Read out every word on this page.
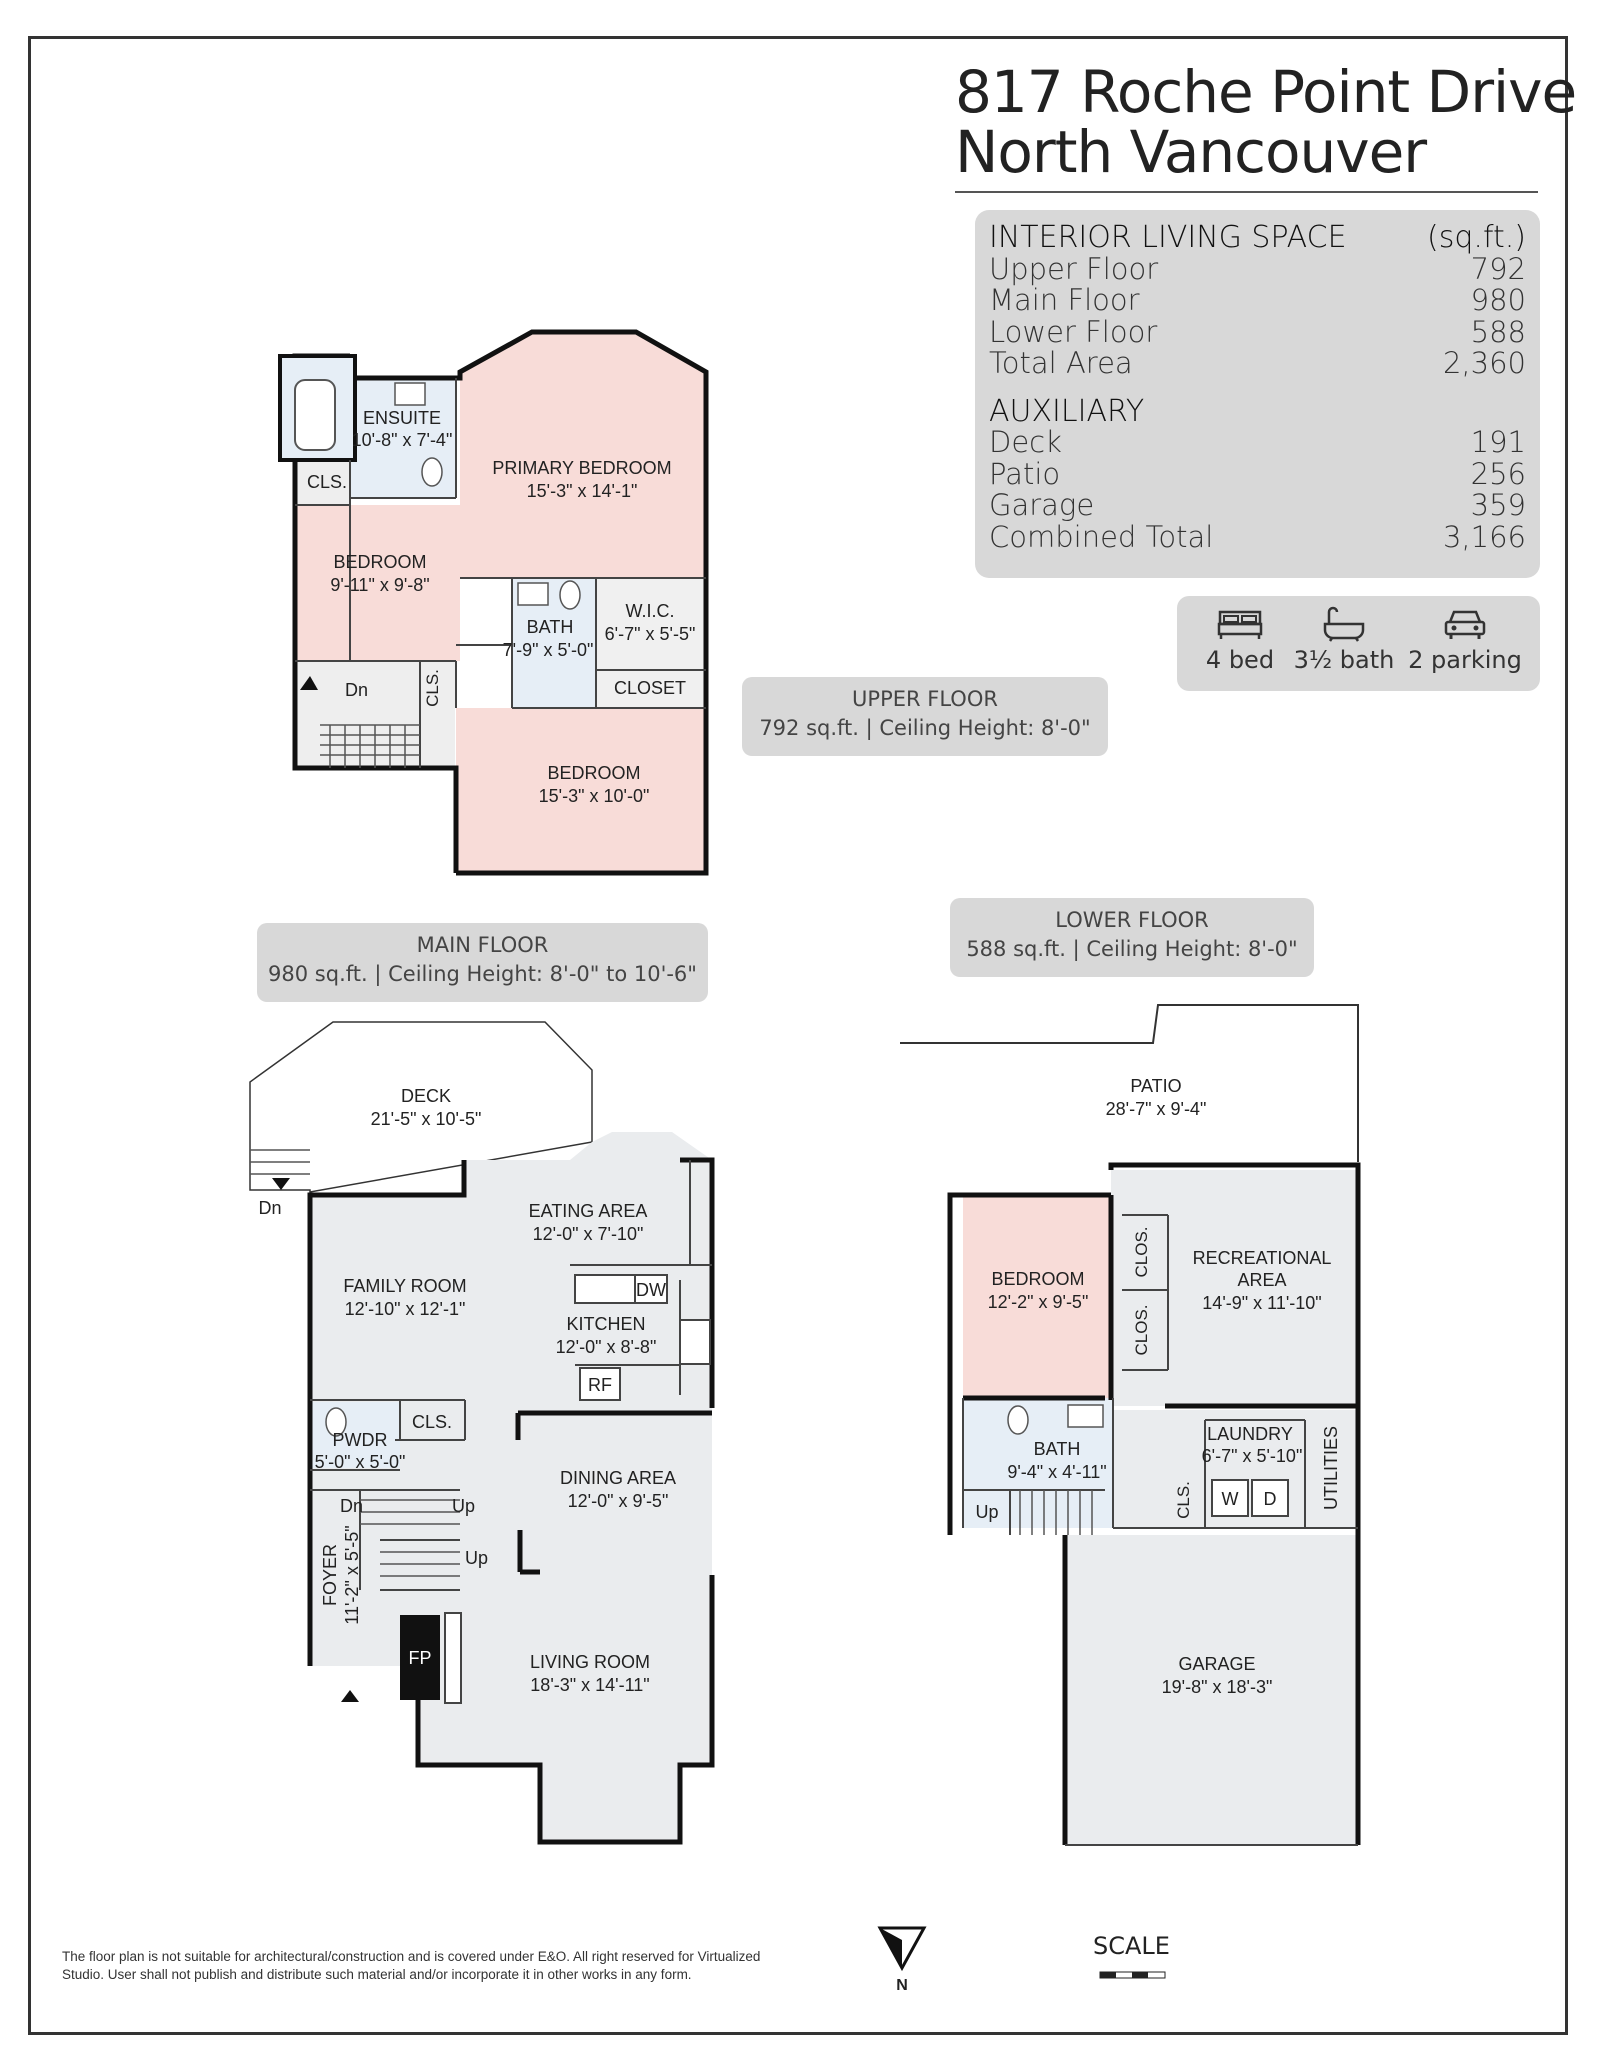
817 Roche Point Drive
North Vancouver
INTERIOR LIVING SPACE	(sq.ft.)
Upper Floor	792
Main Floor	980
Lower Floor	588
Total Area	2,360
AUXILIARY
Deck	191
Patio	256
Garage	359
Combined Total	3,166
4 bed 3½ bath 2 parking
UPPER FLOOR
792 sq.ft. | Ceiling Height: 8'-0"
MAIN FLOOR
980 sq.ft. | Ceiling Height: 8'-0" to 10'-6"
LOWER FLOOR
588 sq.ft. | Ceiling Height: 8'-0"
ENSUITE
10'-8" x 7'-4"
PRIMARY BEDROOM
15'-3" x 14'-1"
CLS.
BEDROOM
9'-11" x 9'-8"
BATH
7'-9" x 5'-0"
W.I.C.
6'-7" x 5'-5"
CLOSET
CLS.
Dn
BEDROOM
15'-3" x 10'-0"
DECK
21'-5" x 10'-5"
Dn	EATING AREA
12'-0" x 7'-10"
FAMILY ROOM
12'-10" x 12'-1"
DW
KITCHEN
12'-0" x 8'-8"
RF
CLS.
PWDR
5'-0" x 5'-0"
DINING AREA
12'-0" x 9'-5"
Dn	Up
Up
FOYER 11'-2" x 5'-5"
FP	LIVING ROOM
18'-3" x 14'-11"
PATIO
28'-7" x 9'-4"
BEDROOM
12'-2" x 9'-5"
CLOS.
CLOS.
RECREATIONAL
AREA
14'-9" x 11'-10"
BATH
9'-4" x 4'-11"
LAUNDRY
6'-7" x 5'-10" UTILITIES
CLS. W D
Up
GARAGE
19'-8" x 18'-3"
N
SCALE
The floor plan is not suitable for architectural/construction and is covered under E&O. All right reserved for Virtualized Studio. User shall not publish and distribute such material and/or incorporate it in other works in any form.
